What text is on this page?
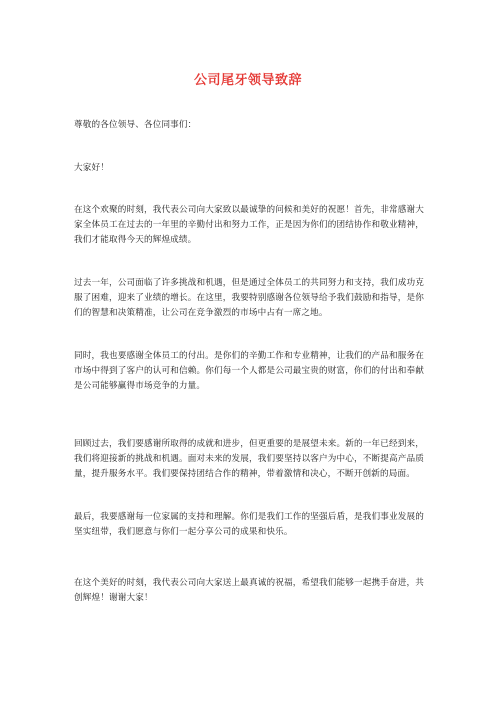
公司尾牙领导致辞
尊敬的各位领导、各位同事们：
大家好！
在这个欢聚的时刻，我代表公司向大家致以最诚挚的问候和美好的祝愿！首先，非常感谢大家全体员工在过去的一年里的辛勤付出和努力工作，正是因为你们的团结协作和敬业精神，我们才能取得今天的辉煌成绩。
过去一年，公司面临了许多挑战和机遇，但是通过全体员工的共同努力和支持，我们成功克服了困难，迎来了业绩的增长。在这里，我要特别感谢各位领导给予我们鼓励和指导，是你们的智慧和决策精准，让公司在竞争激烈的市场中占有一席之地。
同时，我也要感谢全体员工的付出。是你们的辛勤工作和专业精神，让我们的产品和服务在市场中得到了客户的认可和信赖。你们每一个人都是公司最宝贵的财富，你们的付出和奉献是公司能够赢得市场竞争的力量。
回顾过去，我们要感谢所取得的成就和进步，但更重要的是展望未来。新的一年已经到来，我们将迎接新的挑战和机遇。面对未来的发展，我们要坚持以客户为中心，不断提高产品质量，提升服务水平。我们要保持团结合作的精神，带着激情和决心，不断开创新的局面。
最后，我要感谢每一位家属的支持和理解。你们是我们工作的坚强后盾，是我们事业发展的坚实纽带，我们愿意与你们一起分享公司的成果和快乐。
在这个美好的时刻，我代表公司向大家送上最真诚的祝福，希望我们能够一起携手奋进，共创辉煌！谢谢大家！
